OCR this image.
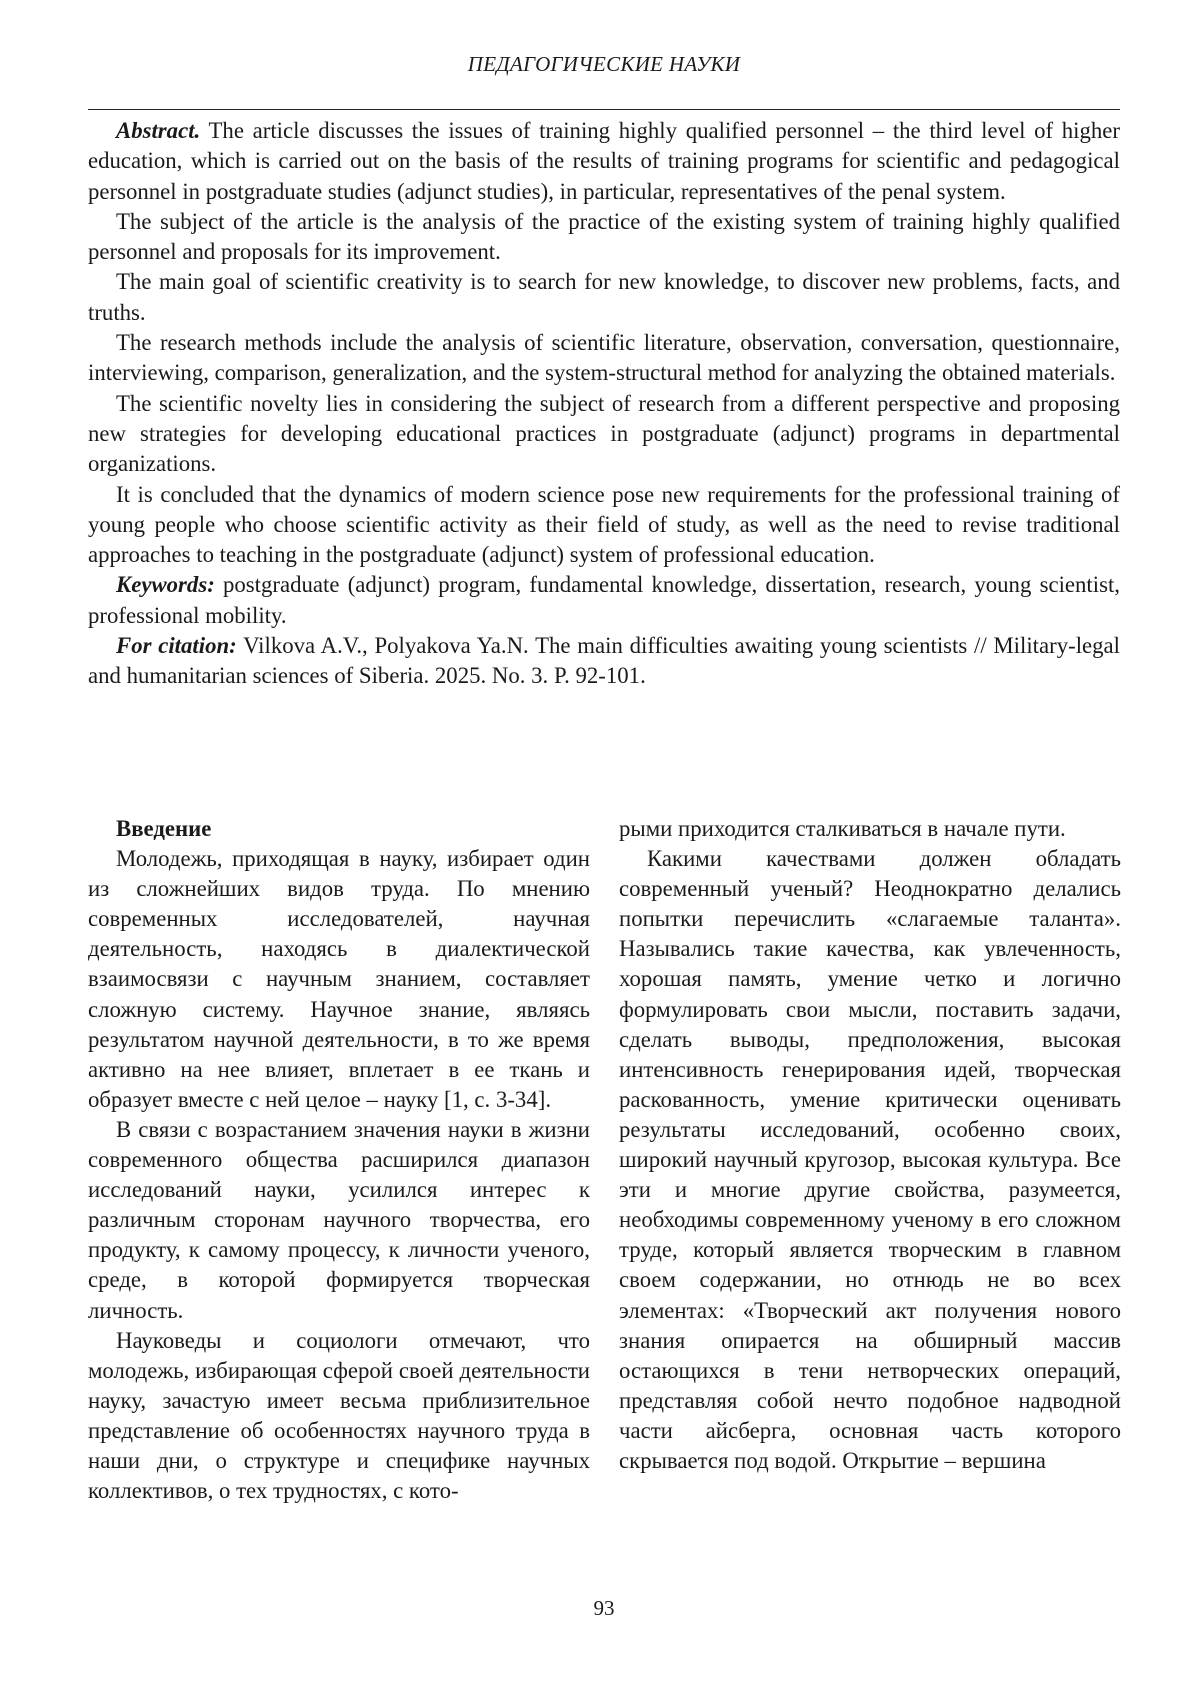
ПЕДАГОГИЧЕСКИЕ НАУКИ

Abstract. The article discusses the issues of training highly qualified personnel – the third level of higher education, which is carried out on the basis of the results of training programs for scientific and pedagogical personnel in postgraduate studies (adjunct studies), in particular, representatives of the penal system.

The subject of the article is the analysis of the practice of the existing system of training highly qualified personnel and proposals for its improvement.

The main goal of scientific creativity is to search for new knowledge, to discover new problems, facts, and truths.

The research methods include the analysis of scientific literature, observation, conversation, questionnaire, interviewing, comparison, generalization, and the system-structural method for analyzing the obtained materials.

The scientific novelty lies in considering the subject of research from a different perspective and proposing new strategies for developing educational practices in postgraduate (adjunct) programs in departmental organizations.

It is concluded that the dynamics of modern science pose new requirements for the professional training of young people who choose scientific activity as their field of study, as well as the need to revise traditional approaches to teaching in the postgraduate (adjunct) system of professional education.

Keywords: postgraduate (adjunct) program, fundamental knowledge, dissertation, research, young scientist, professional mobility.

For citation: Vilkova A.V., Polyakova Ya.N. The main difficulties awaiting young scientists // Military-legal and humanitarian sciences of Siberia. 2025. No. 3. P. 92-101.

Введение

Молодежь, приходящая в науку, избирает один из сложнейших видов труда. По мнению современных исследователей, научная деятельность, находясь в диалектической взаимосвязи с научным знанием, составляет сложную систему. Научное знание, являясь результатом научной деятельности, в то же время активно на нее влияет, вплетает в ее ткань и образует вместе с ней целое – науку [1, с. 3-34].

В связи с возрастанием значения науки в жизни современного общества расширился диапазон исследований науки, усилился интерес к различным сторонам научного творчества, его продукту, к самому процессу, к личности ученого, среде, в которой формируется творческая личность.

Науковеды и социологи отмечают, что молодежь, избирающая сферой своей деятельности науку, зачастую имеет весьма приблизительное представление об особенностях научного труда в наши дни, о структуре и специфике научных коллективов, о тех трудностях, с кото-

рыми приходится сталкиваться в начале пути.

Какими качествами должен обладать современный ученый? Неоднократно делались попытки перечислить «слагаемые таланта». Назывались такие качества, как увлеченность, хорошая память, умение четко и логично формулировать свои мысли, поставить задачи, сделать выводы, предположения, высокая интенсивность генерирования идей, творческая раскованность, умение критически оценивать результаты исследований, особенно своих, широкий научный кругозор, высокая культура. Все эти и многие другие свойства, разумеется, необходимы современному ученому в его сложном труде, который является творческим в главном своем содержании, но отнюдь не во всех элементах: «Творческий акт получения нового знания опирается на обширный массив остающихся в тени нетворческих операций, представляя собой нечто подобное надводной части айсберга, основная часть которого скрывается под водой. Открытие – вершина

93
